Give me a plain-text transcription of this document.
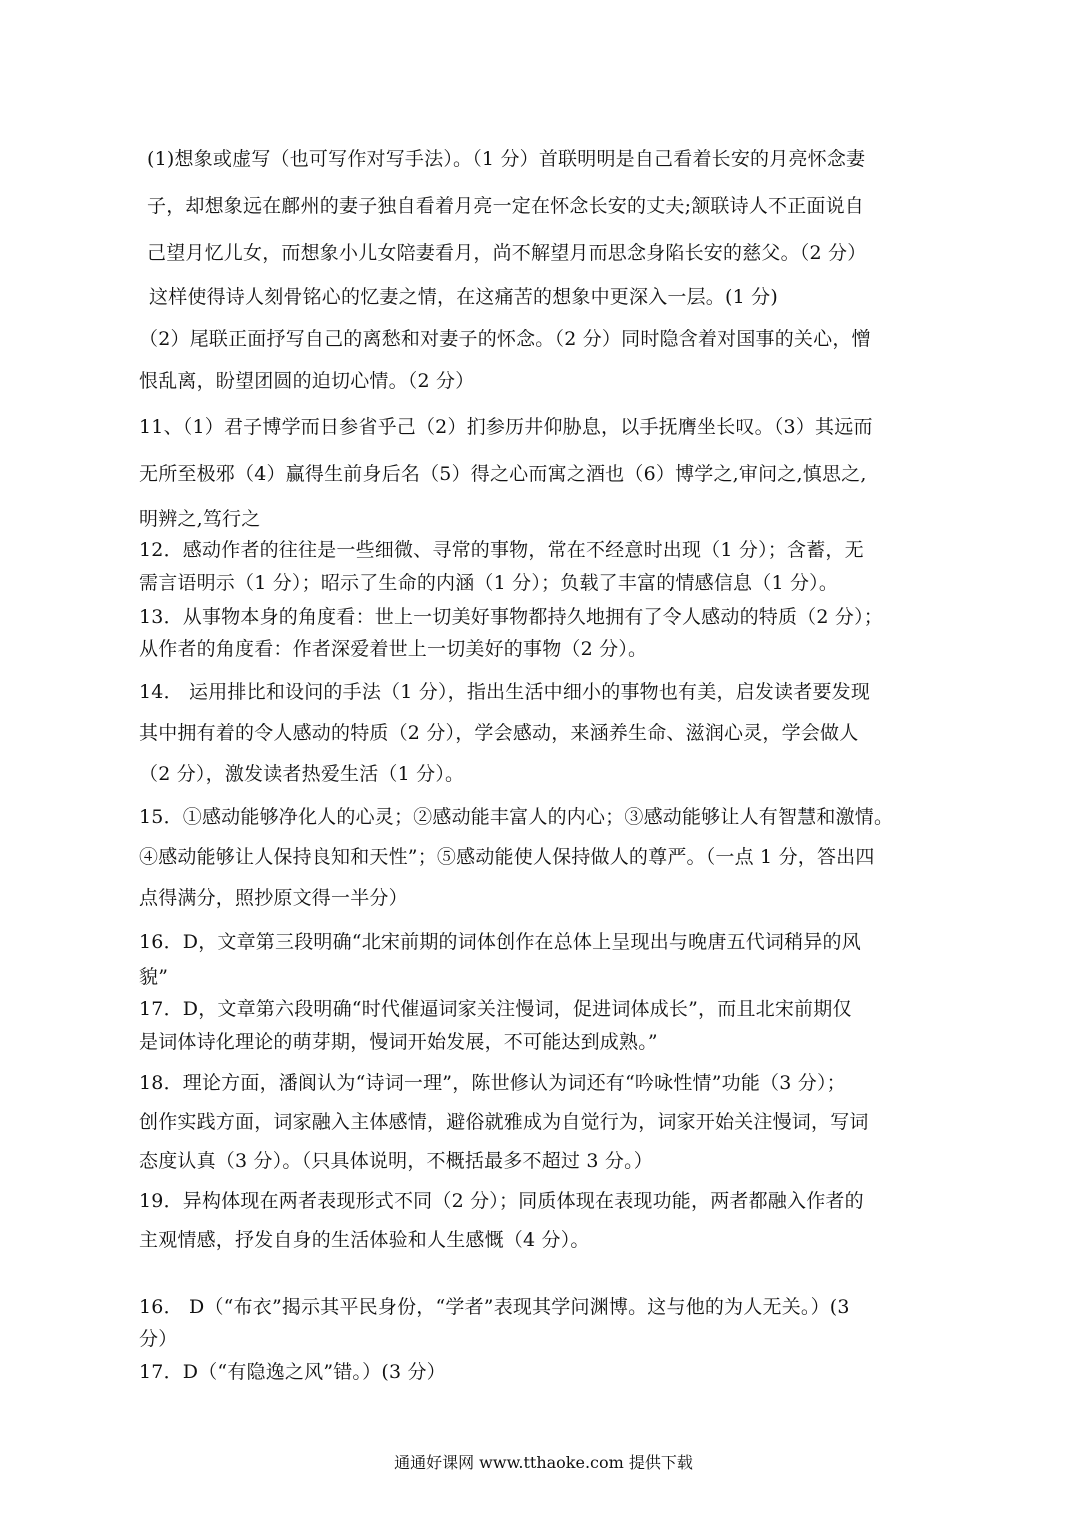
(1)想象或虚写（也可写作对写手法）。（1 分）首联明明是自己看着长安的月亮怀念妻
子，却想象远在鄜州的妻子独自看着月亮一定在怀念长安的丈夫;颔联诗人不正面说自
己望月忆儿女，而想象小儿女陪妻看月，尚不解望月而思念身陷长安的慈父。（2 分）
这样使得诗人刻骨铭心的忆妻之情，在这痛苦的想象中更深入一层。(1 分)
（2）尾联正面抒写自己的离愁和对妻子的怀念。（2 分）同时隐含着对国事的关心，憎
恨乱离，盼望团圆的迫切心情。（2 分）
11、（1）君子博学而日参省乎己（2）扪参历井仰胁息，以手抚膺坐长叹。（3）其远而
无所至极邪（4）赢得生前身后名（5）得之心而寓之酒也（6）博学之,审问之,慎思之,
明辨之,笃行之
12．感动作者的往往是一些细微、寻常的事物，常在不经意时出现（1 分）；含蓄，无
需言语明示（1 分）；昭示了生命的内涵（1 分）；负载了丰富的情感信息（1 分）。
13．从事物本身的角度看：世上一切美好事物都持久地拥有了令人感动的特质（2 分）；
从作者的角度看：作者深爱着世上一切美好的事物（2 分）。
14． 运用排比和设问的手法（1 分），指出生活中细小的事物也有美，启发读者要发现
其中拥有着的令人感动的特质（2 分），学会感动，来涵养生命、滋润心灵，学会做人
（2 分），激发读者热爱生活（1 分）。
15．①感动能够净化人的心灵；②感动能丰富人的内心；③感动能够让人有智慧和激情。
④感动能够让人保持良知和天性”；⑤感动能使人保持做人的尊严。（一点 1 分，答出四
点得满分，照抄原文得一半分）
16．D，文章第三段明确“北宋前期的词体创作在总体上呈现出与晚唐五代词稍异的风
貌”
17．D，文章第六段明确“时代催逼词家关注慢词，促进词体成长”，而且北宋前期仅
是词体诗化理论的萌芽期，慢词开始发展，不可能达到成熟。”
18．理论方面，潘阆认为“诗词一理”，陈世修认为词还有“吟咏性情”功能（3 分）；
创作实践方面，词家融入主体感情，避俗就雅成为自觉行为，词家开始关注慢词，写词
态度认真（3 分）。（只具体说明，不概括最多不超过 3 分。）
19．异构体现在两者表现形式不同（2 分）；同质体现在表现功能，两者都融入作者的
主观情感，抒发自身的生活体验和人生感慨（4 分）。
16． D（“布衣”揭示其平民身份，“学者”表现其学问渊博。这与他的为人无关。）(3
分）
17．D（“有隐逸之风”错。）(3 分）
通通好课网 www.tthaoke.com 提供下载
